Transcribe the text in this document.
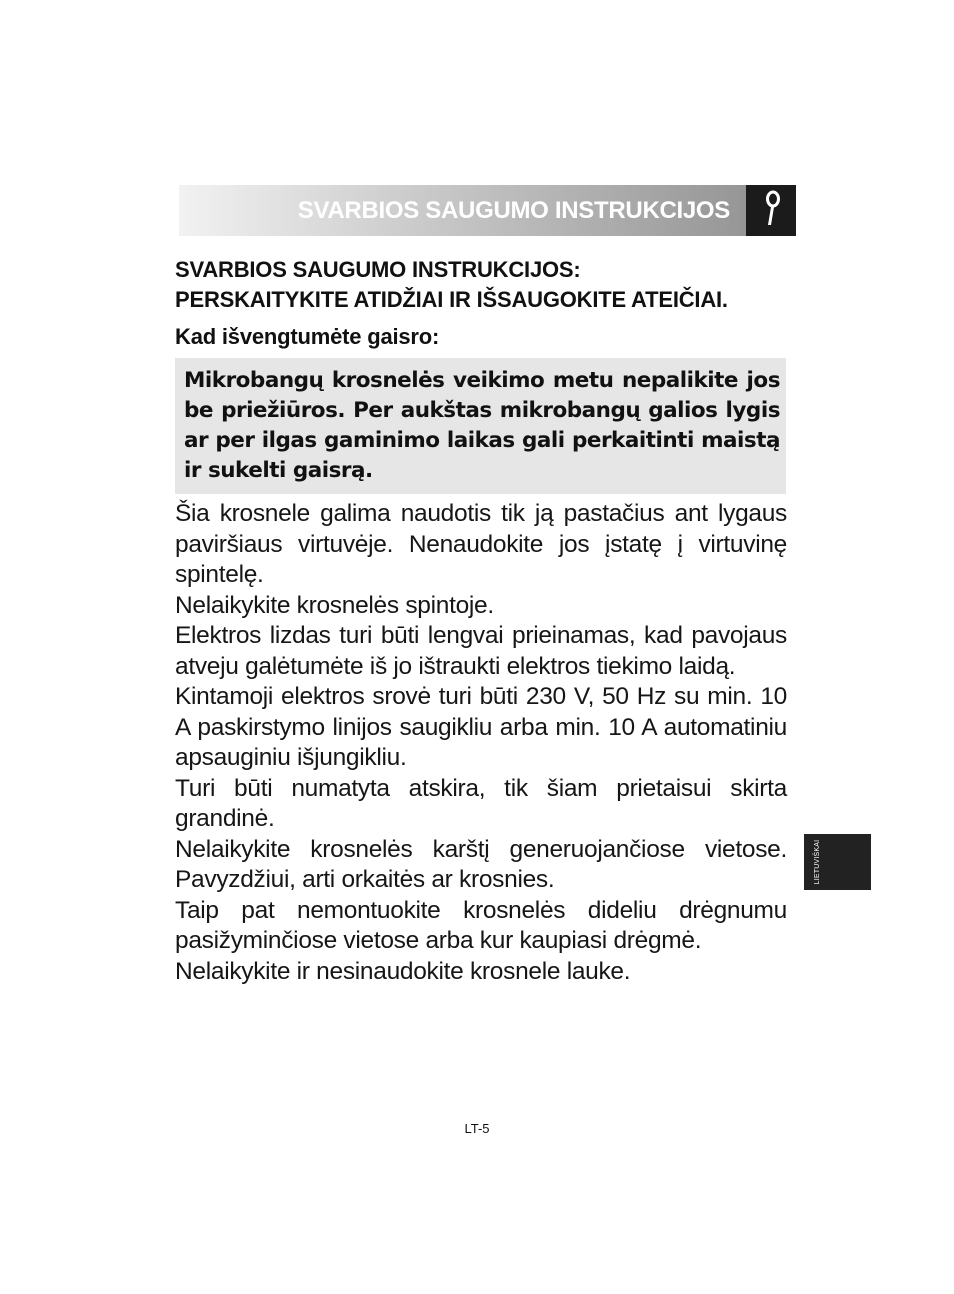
SVARBIOS SAUGUMO INSTRUKCIJOS
SVARBIOS SAUGUMO INSTRUKCIJOS:
PERSKAITYKITE ATIDŽIAI IR IŠSAUGOKITE ATEIČIAI.
Kad išvengtumėte gaisro:
Mikrobangų krosnelės veikimo metu nepalikite jos be priežiūros. Per aukštas mikrobangų galios lygis ar per ilgas gaminimo laikas gali perkaitinti maistą ir sukelti gaisrą.

Šia krosnele galima naudotis tik ją pastačius ant lygaus paviršiaus virtuvėje. Nenaudokite jos įstatę į virtuvinę spintelę.

Nelaikykite krosnelės spintoje.

Elektros lizdas turi būti lengvai prieinamas, kad pavojaus atveju galėtumėte iš jo ištraukti elektros tiekimo laidą.

Kintamoji elektros srovė turi būti 230 V, 50 Hz su min. 10 A paskirstymo linijos saugikliu arba min. 10 A automatiniu apsauginiu išjungikliu.

Turi būti numatyta atskira, tik šiam prietaisui skirta grandinė.

Nelaikykite krosnelės karštį generuojančiose vietose. Pavyzdžiui, arti orkaitės ar krosnies.

Taip pat nemontuokite krosnelės dideliu drėgnumu pasižyminčiose vietose arba kur kaupiasi drėgmė.

Nelaikykite ir nesinaudokite krosnele lauke.

LIETUVIŠKAI
LT-5
